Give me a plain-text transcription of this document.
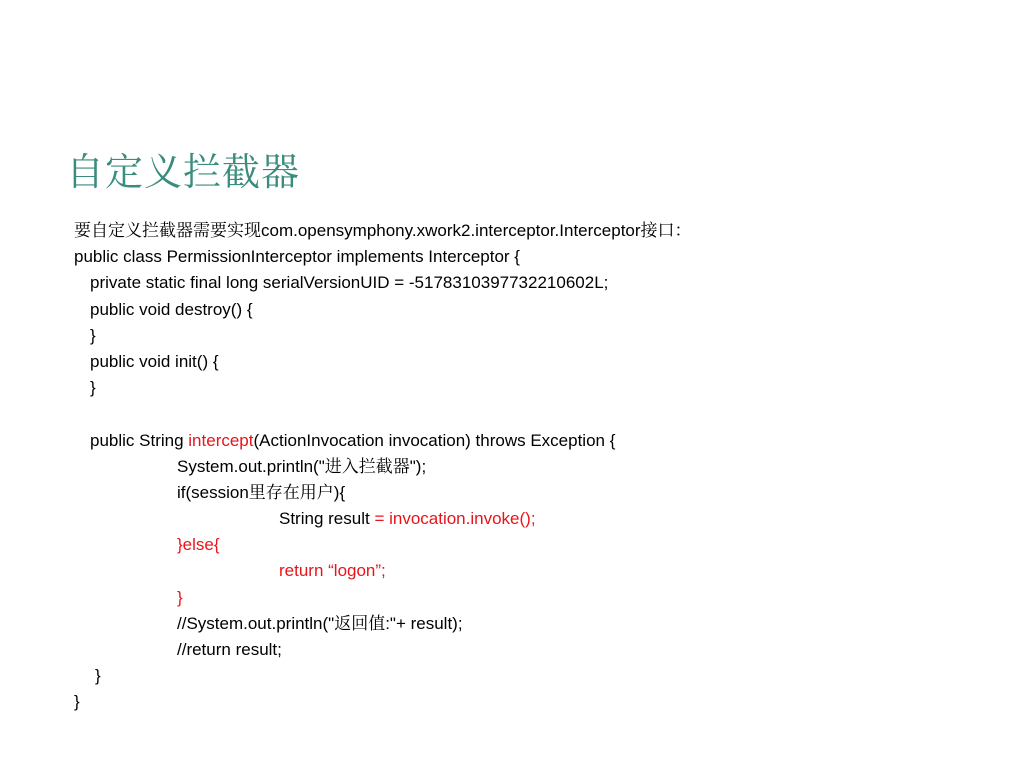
自定义拦截器
要自定义拦截器需要实现com.opensymphony.xwork2.interceptor.Interceptor接口：
public class PermissionInterceptor implements Interceptor {
private static final long serialVersionUID = -5178310397732210602L;
public void destroy() {
}
public void init() {
}
public String intercept(ActionInvocation invocation) throws Exception {
System.out.println("进入拦截器");
if(session里存在用户){
String result = invocation.invoke();
}else{
return “logon”;
}
//System.out.println("返回值:"+ result);
//return result;
}
}
